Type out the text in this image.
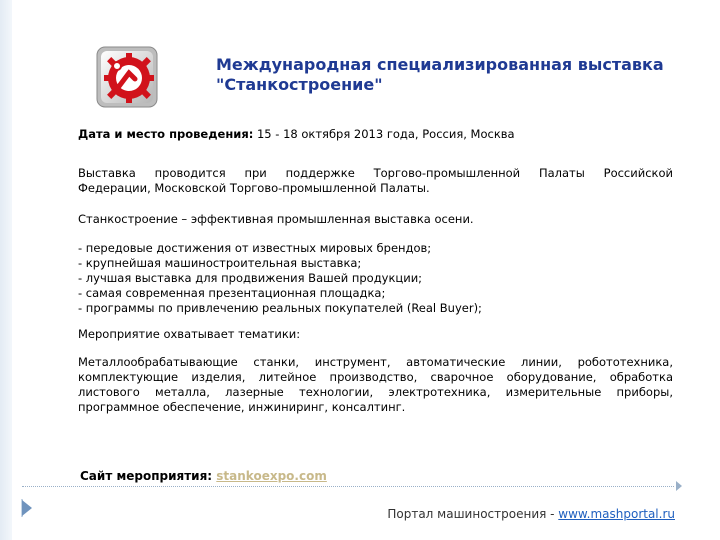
Международная специализированная выставка
"Станкостроение"
Дата и место проведения: 15 - 18 октября 2013 года, Россия, Москва
Выставка проводится при поддержке Торгово-промышленной Палаты Российской
Федерации, Московской Торгово-промышленной Палаты.
Станкостроение – эффективная промышленная выставка осени.
- передовые достижения от известных мировых брендов;
- крупнейшая машиностроительная выставка;
- лучшая выставка для продвижения Вашей продукции;
- самая современная презентационная площадка;
- программы по привлечению реальных покупателей (Real Buyer);
Мероприятие охватывает тематики:
Металлообрабатывающие станки, инструмент, автоматические линии, робототехника, комплектующие изделия, литейное производство, сварочное оборудование, обработка листового металла, лазерные технологии, электротехника, измерительные приборы, программное обеспечение, инжиниринг, консалтинг.
Сайт мероприятия: stankoexpo.com
Портал машиностроения - www.mashportal.ru
